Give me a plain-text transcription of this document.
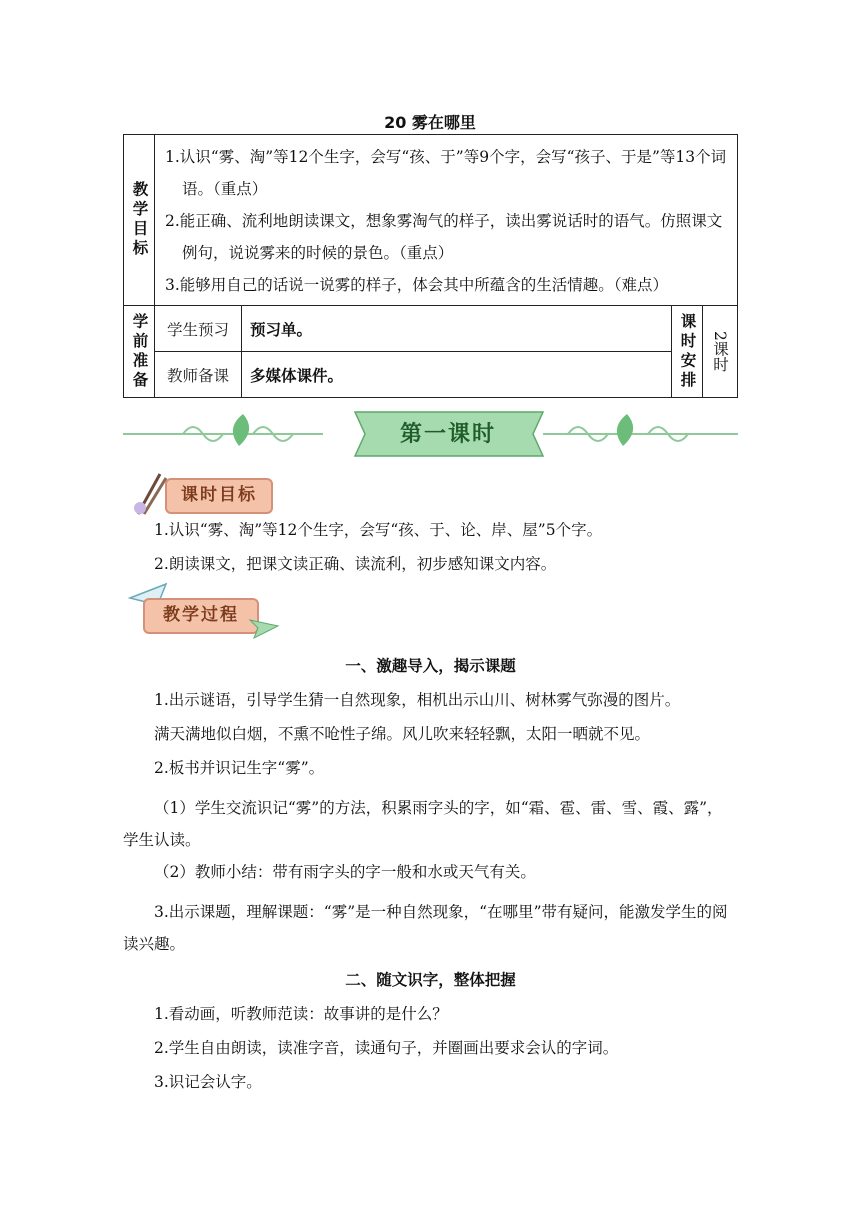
20 雾在哪里
教学目标	1.认识“雾、淘”等12个生字，会写“孩、于”等9个字，会写“孩子、于是”等13个词语。（重点）

2.能正确、流利地朗读课文，想象雾淘气的样子，读出雾说话时的语气。仿照课文例句，说说雾来的时候的景色。（重点）

3.能够用自己的话说一说雾的样子，体会其中所蕴含的生活情趣。（难点）			

学前准备	学生预习	预习单。	课时安排	2课时
	教师备课	多媒体课件。		
第一课时
课时目标

1.认识“雾、淘”等12个生字，会写“孩、于、论、岸、屋”5个字。

2.朗读课文，把课文读正确、读流利，初步感知课文内容。

教学过程

一、激趣导入，揭示课题

1.出示谜语，引导学生猜一自然现象，相机出示山川、树林雾气弥漫的图片。

满天满地似白烟，不熏不呛性子绵。风儿吹来轻轻飘，太阳一晒就不见。

2.板书并识记生字“雾”。

（1）学生交流识记“雾”的方法，积累雨字头的字，如“霜、雹、雷、雪、霞、露”，学生认读。

（2）教师小结：带有雨字头的字一般和水或天气有关。

3.出示课题，理解课题：“雾”是一种自然现象，“在哪里”带有疑问，能激发学生的阅读兴趣。

二、随文识字，整体把握

1.看动画，听教师范读：故事讲的是什么？

2.学生自由朗读，读准字音，读通句子，并圈画出要求会认的字词。

3.识记会认字。
